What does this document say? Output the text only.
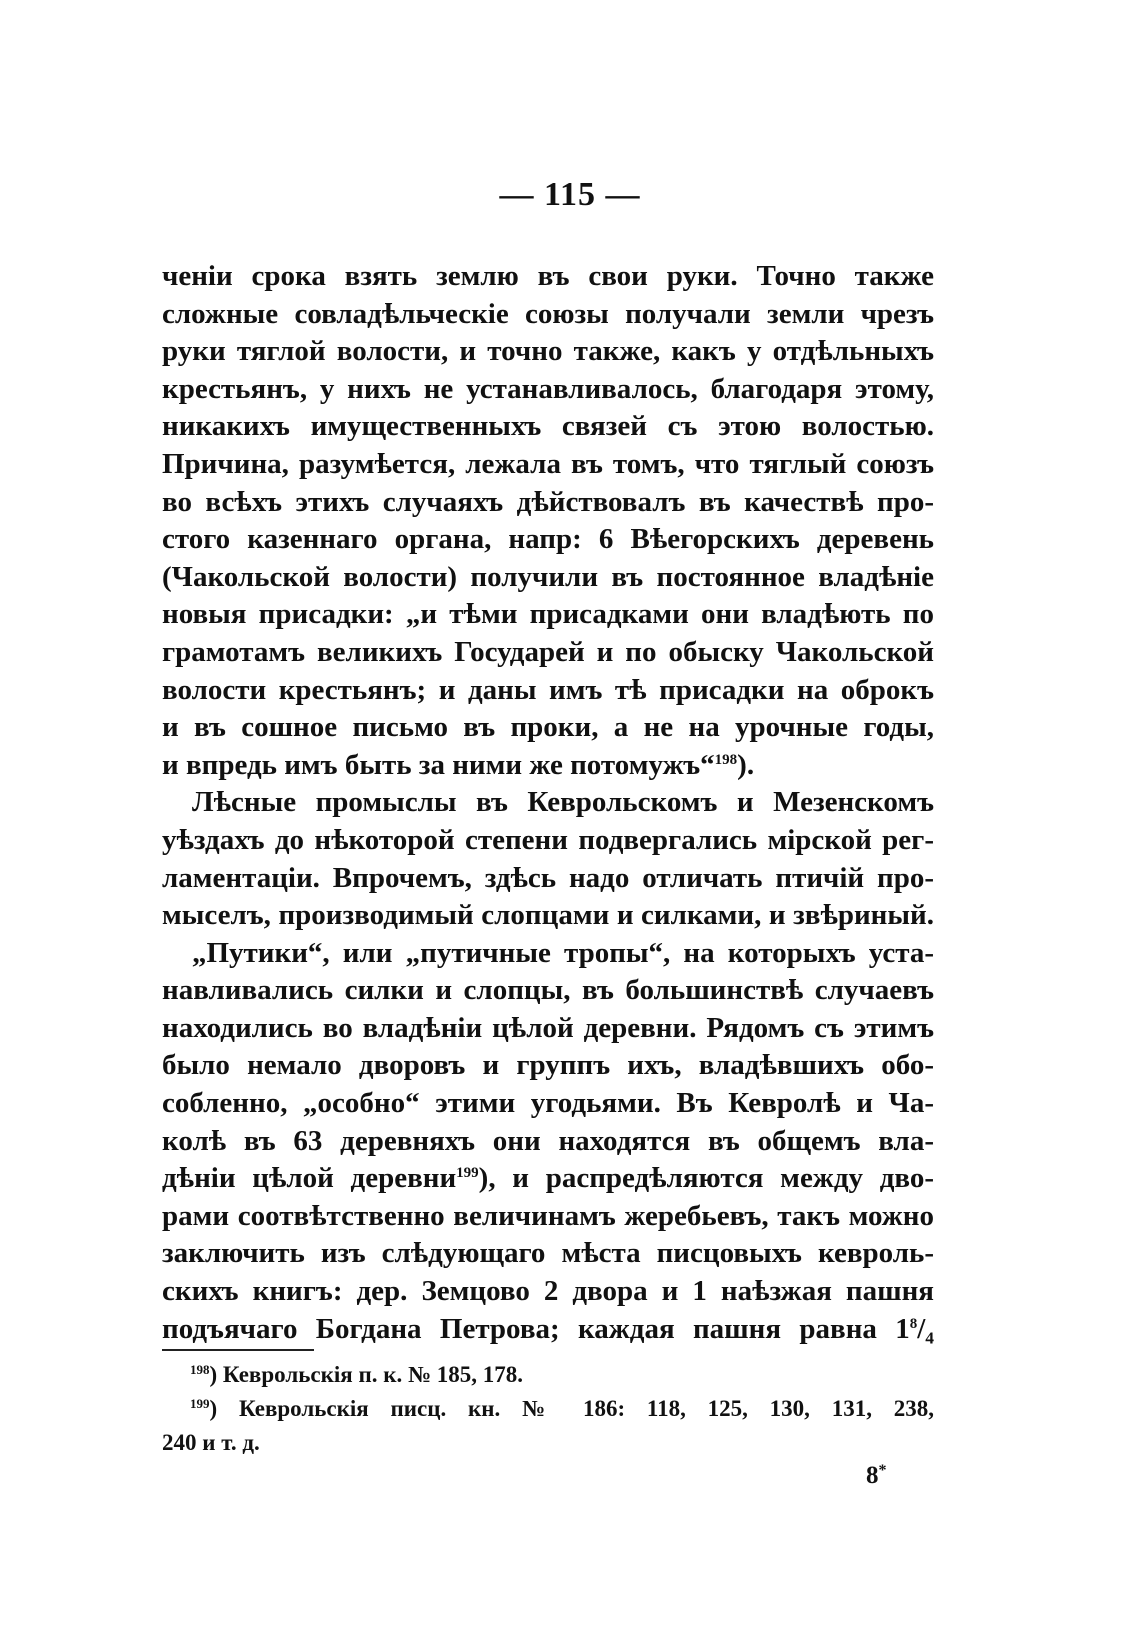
— 115 —
ченіи срока взять землю въ свои руки. Точно также
сложные совладѣльческіе союзы получали земли чрезъ
руки тяглой волости, и точно также, какъ у отдѣльныхъ
крестьянъ, у нихъ не устанавливалось, благодаря этому,
никакихъ имущественныхъ связей съ этою волостью.
Причина, разумѣется, лежала въ томъ, что тяглый союзъ
во всѣхъ этихъ случаяхъ дѣйствовалъ въ качествѣ про-
стого казеннаго органа, напр: 6 Вѣегорскихъ деревень
(Чакольской волости) получили въ постоянное владѣніе
новыя присадки: „и тѣми присадками они владѣють по
грамотамъ великихъ Государей и по обыску Чакольской
волости крестьянъ; и даны имъ тѣ присадки на оброкъ
и въ сошное письмо въ проки, а не на урочные годы,
и впредь имъ быть за ними же потомужъ“$^{198}$).
Лѣсные промыслы въ Кеврольскомъ и Мезенскомъ
уѣздахъ до нѣкоторой степени подвергались мірской рег-
ламентаціи. Впрочемъ, здѣсь надо отличать птичій про-
мыселъ, производимый слопцами и силками, и звѣриный.
„Путики“, или „путичные тропы“, на которыхъ уста-
навливались силки и слопцы, въ большинствѣ случаевъ
находились во владѣніи цѣлой деревни. Рядомъ съ этимъ
было немало дворовъ и группъ ихъ, владѣвшихъ обо-
собленно, „особно“ этими угодьями. Въ Кевролѣ и Ча-
колѣ въ 63 деревняхъ они находятся въ общемъ вла-
дѣніи цѣлой деревни$^{199}$), и распредѣляются между дво-
рами соотвѣтственно величинамъ жеребьевъ, такъ можно
заключить изъ слѣдующаго мѣста писцовыхъ кевроль-
скихъ книгъ: дер. Земцово 2 двора и 1 наѣзжая пашня
подъячаго Богдана Петрова; каждая пашня равна $1^8/_4$
$^{198}$) Кеврольскія п. к. № 185, 178.
$^{199}$) Кеврольскія писц. кн. № 186: 118, 125, 130, 131, 238,
240 и т. д.
8*
